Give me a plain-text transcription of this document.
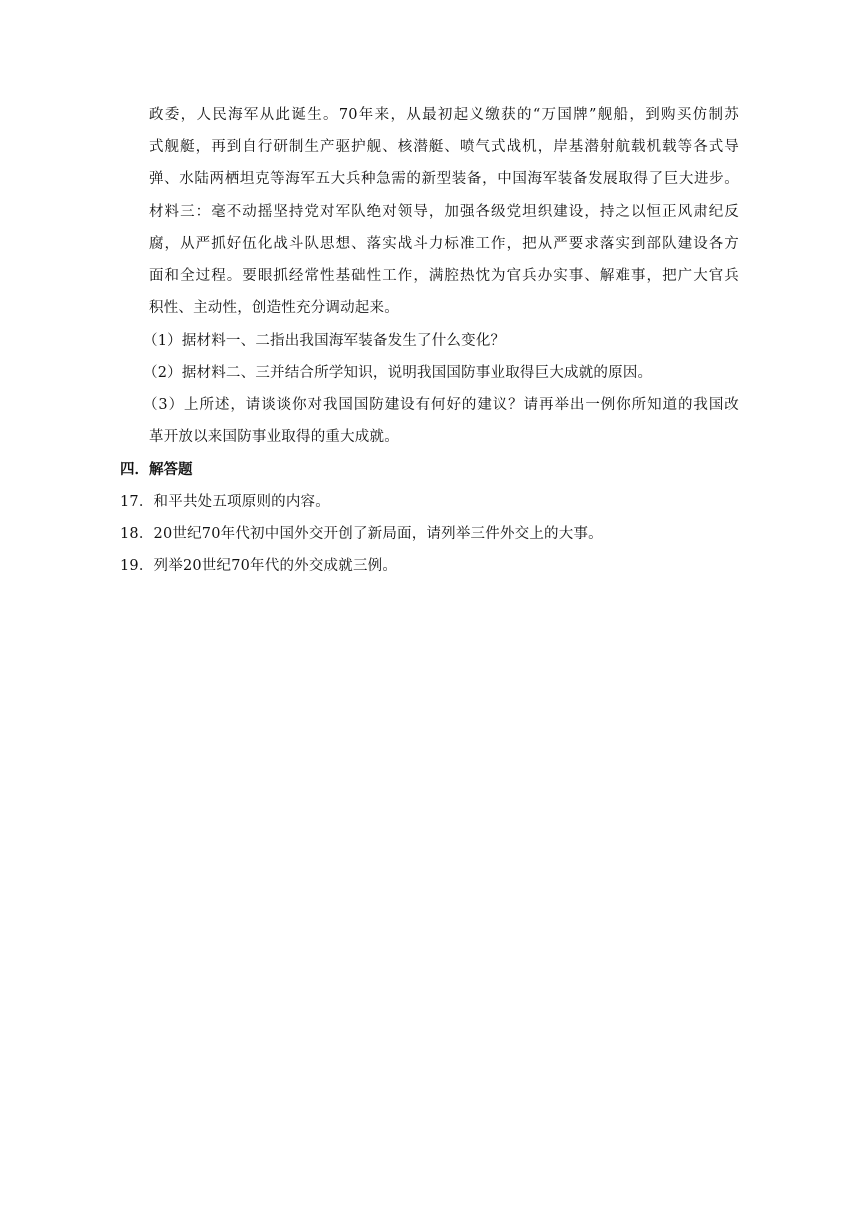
政委，人民海军从此诞生。70年来，从最初起义缴获的“万国牌”舰船，到购买仿制苏
式舰艇，再到自行研制生产驱护舰、核潜艇、喷气式战机，岸基潜射航载机载等各式导
弹、水陆两栖坦克等海军五大兵种急需的新型装备，中国海军装备发展取得了巨大进步。
材料三：毫不动摇坚持党对军队绝对领导，加强各级党坦织建设，持之以恒正风肃纪反
腐，从严抓好伍化战斗队思想、落实战斗力标准工作，把从严要求落实到部队建设各方
面和全过程。要眼抓经常性基础性工作，满腔热忱为官兵办实事、解难事，把广大官兵
积性、主动性，创造性充分调动起来。
（1）据材料一、二指出我国海军装备发生了什么变化？
（2）据材料二、三并结合所学知识，说明我国国防事业取得巨大成就的原因。
（3）上所述，请谈谈你对我国国防建设有何好的建议？请再举出一例你所知道的我国改
革开放以来国防事业取得的重大成就。
四．解答题
17．和平共处五项原则的内容。
18．20世纪70年代初中国外交开创了新局面，请列举三件外交上的大事。
19．列举20世纪70年代的外交成就三例。
